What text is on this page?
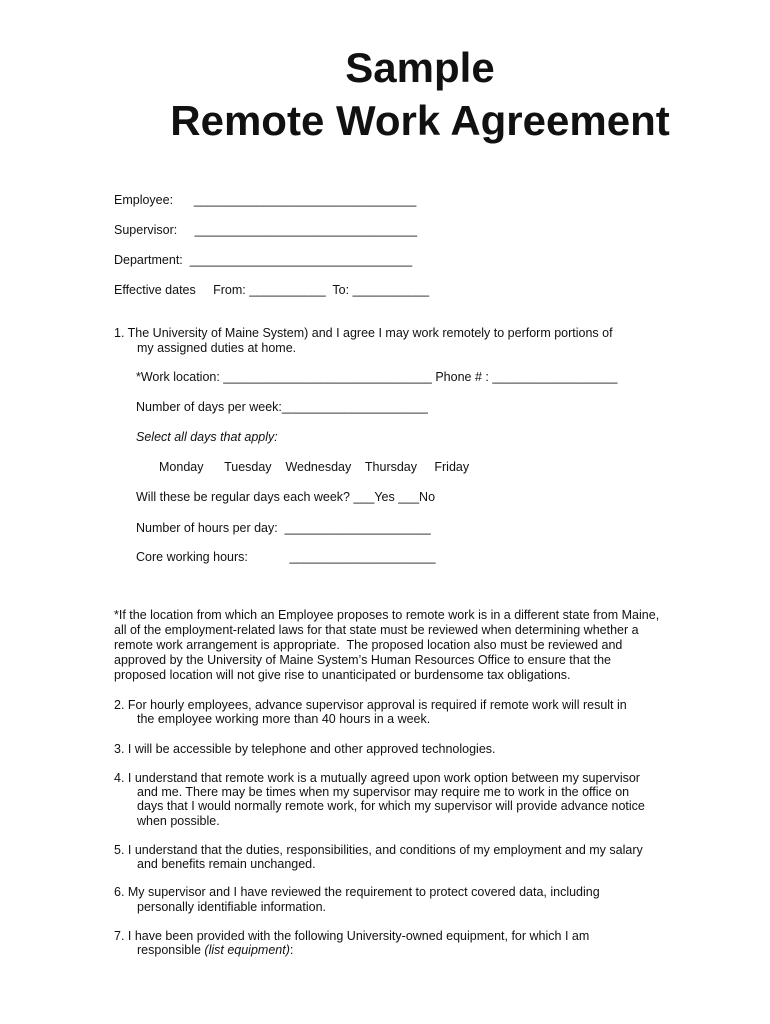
Sample
Remote Work Agreement
Employee:      ________________________________
Supervisor:     ________________________________
Department:  ________________________________
Effective dates     From: ___________  To: ___________
1. The University of Maine System) and I agree I may work remotely to perform portions of
my assigned duties at home.
*Work location: ______________________________ Phone # : __________________
Number of days per week:_____________________
Select all days that apply:
Monday      Tuesday    Wednesday    Thursday     Friday
Will these be regular days each week? ___Yes ___No
Number of hours per day:  _____________________
Core working hours:            _____________________
*If the location from which an Employee proposes to remote work is in a different state from Maine,
all of the employment-related laws for that state must be reviewed when determining whether a
remote work arrangement is appropriate.  The proposed location also must be reviewed and
approved by the University of Maine System’s Human Resources Office to ensure that the
proposed location will not give rise to unanticipated or burdensome tax obligations.
2. For hourly employees, advance supervisor approval is required if remote work will result in
the employee working more than 40 hours in a week.
3. I will be accessible by telephone and other approved technologies.
4. I understand that remote work is a mutually agreed upon work option between my supervisor
and me. There may be times when my supervisor may require me to work in the office on
days that I would normally remote work, for which my supervisor will provide advance notice
when possible.
5. I understand that the duties, responsibilities, and conditions of my employment and my salary
and benefits remain unchanged.
6. My supervisor and I have reviewed the requirement to protect covered data, including
personally identifiable information.
7. I have been provided with the following University-owned equipment, for which I am
responsible (list equipment):
